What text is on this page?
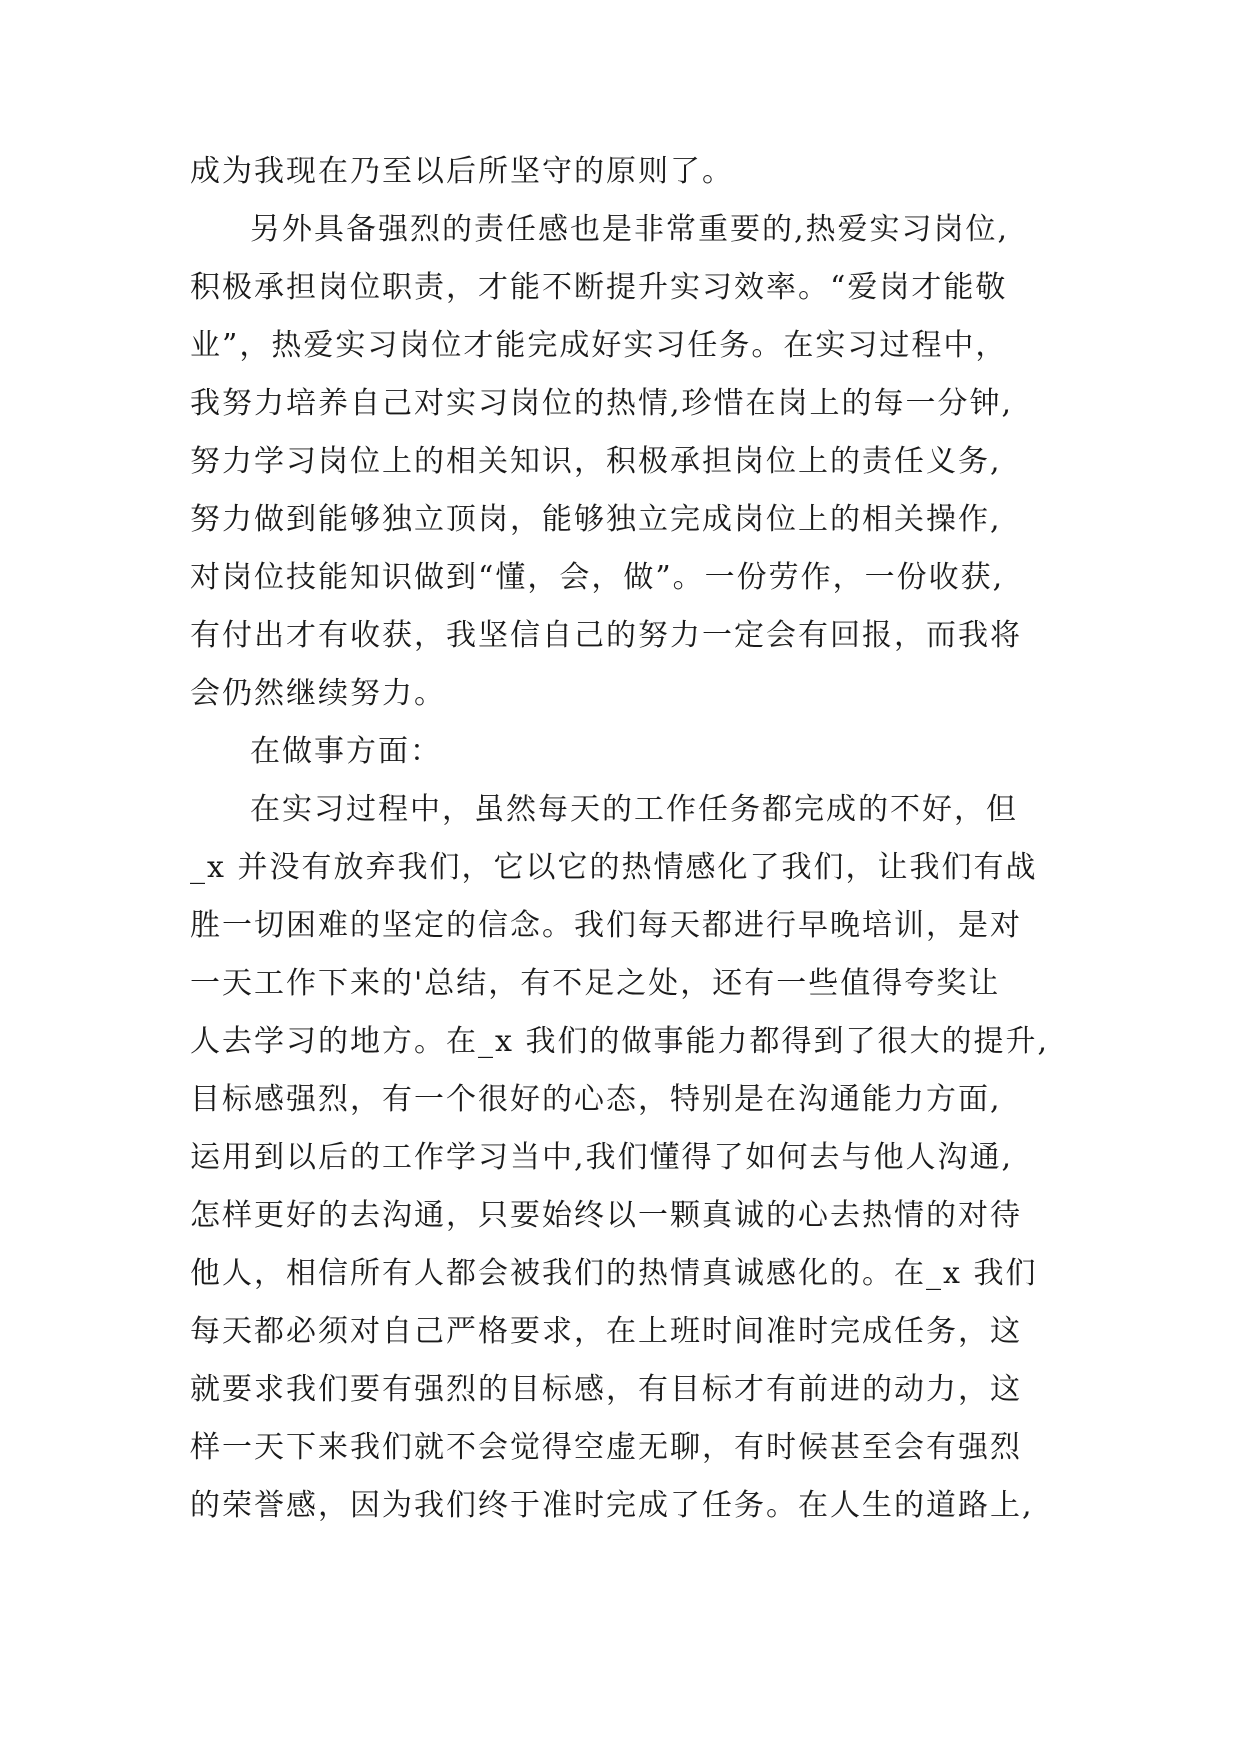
成为我现在乃至以后所坚守的原则了。
另外具备强烈的责任感也是非常重要的,热爱实习岗位,
积极承担岗位职责，才能不断提升实习效率。“爱岗才能敬
业”，热爱实习岗位才能完成好实习任务。在实习过程中，
我努力培养自己对实习岗位的热情,珍惜在岗上的每一分钟,
努力学习岗位上的相关知识，积极承担岗位上的责任义务,
努力做到能够独立顶岗，能够独立完成岗位上的相关操作,
对岗位技能知识做到“懂，会，做”。一份劳作，一份收获,
有付出才有收获，我坚信自己的努力一定会有回报，而我将
会仍然继续努力。
在做事方面：
在实习过程中，虽然每天的工作任务都完成的不好，但
_x 并没有放弃我们，它以它的热情感化了我们，让我们有战
胜一切困难的坚定的信念。我们每天都进行早晚培训，是对
一天工作下来的'总结，有不足之处，还有一些值得夸奖让
人去学习的地方。在_x 我们的做事能力都得到了很大的提升,
目标感强烈，有一个很好的心态，特别是在沟通能力方面,
运用到以后的工作学习当中,我们懂得了如何去与他人沟通,
怎样更好的去沟通，只要始终以一颗真诚的心去热情的对待
他人，相信所有人都会被我们的热情真诚感化的。在_x 我们
每天都必须对自己严格要求，在上班时间准时完成任务，这
就要求我们要有强烈的目标感，有目标才有前进的动力，这
样一天下来我们就不会觉得空虚无聊，有时候甚至会有强烈
的荣誉感，因为我们终于准时完成了任务。在人生的道路上,
